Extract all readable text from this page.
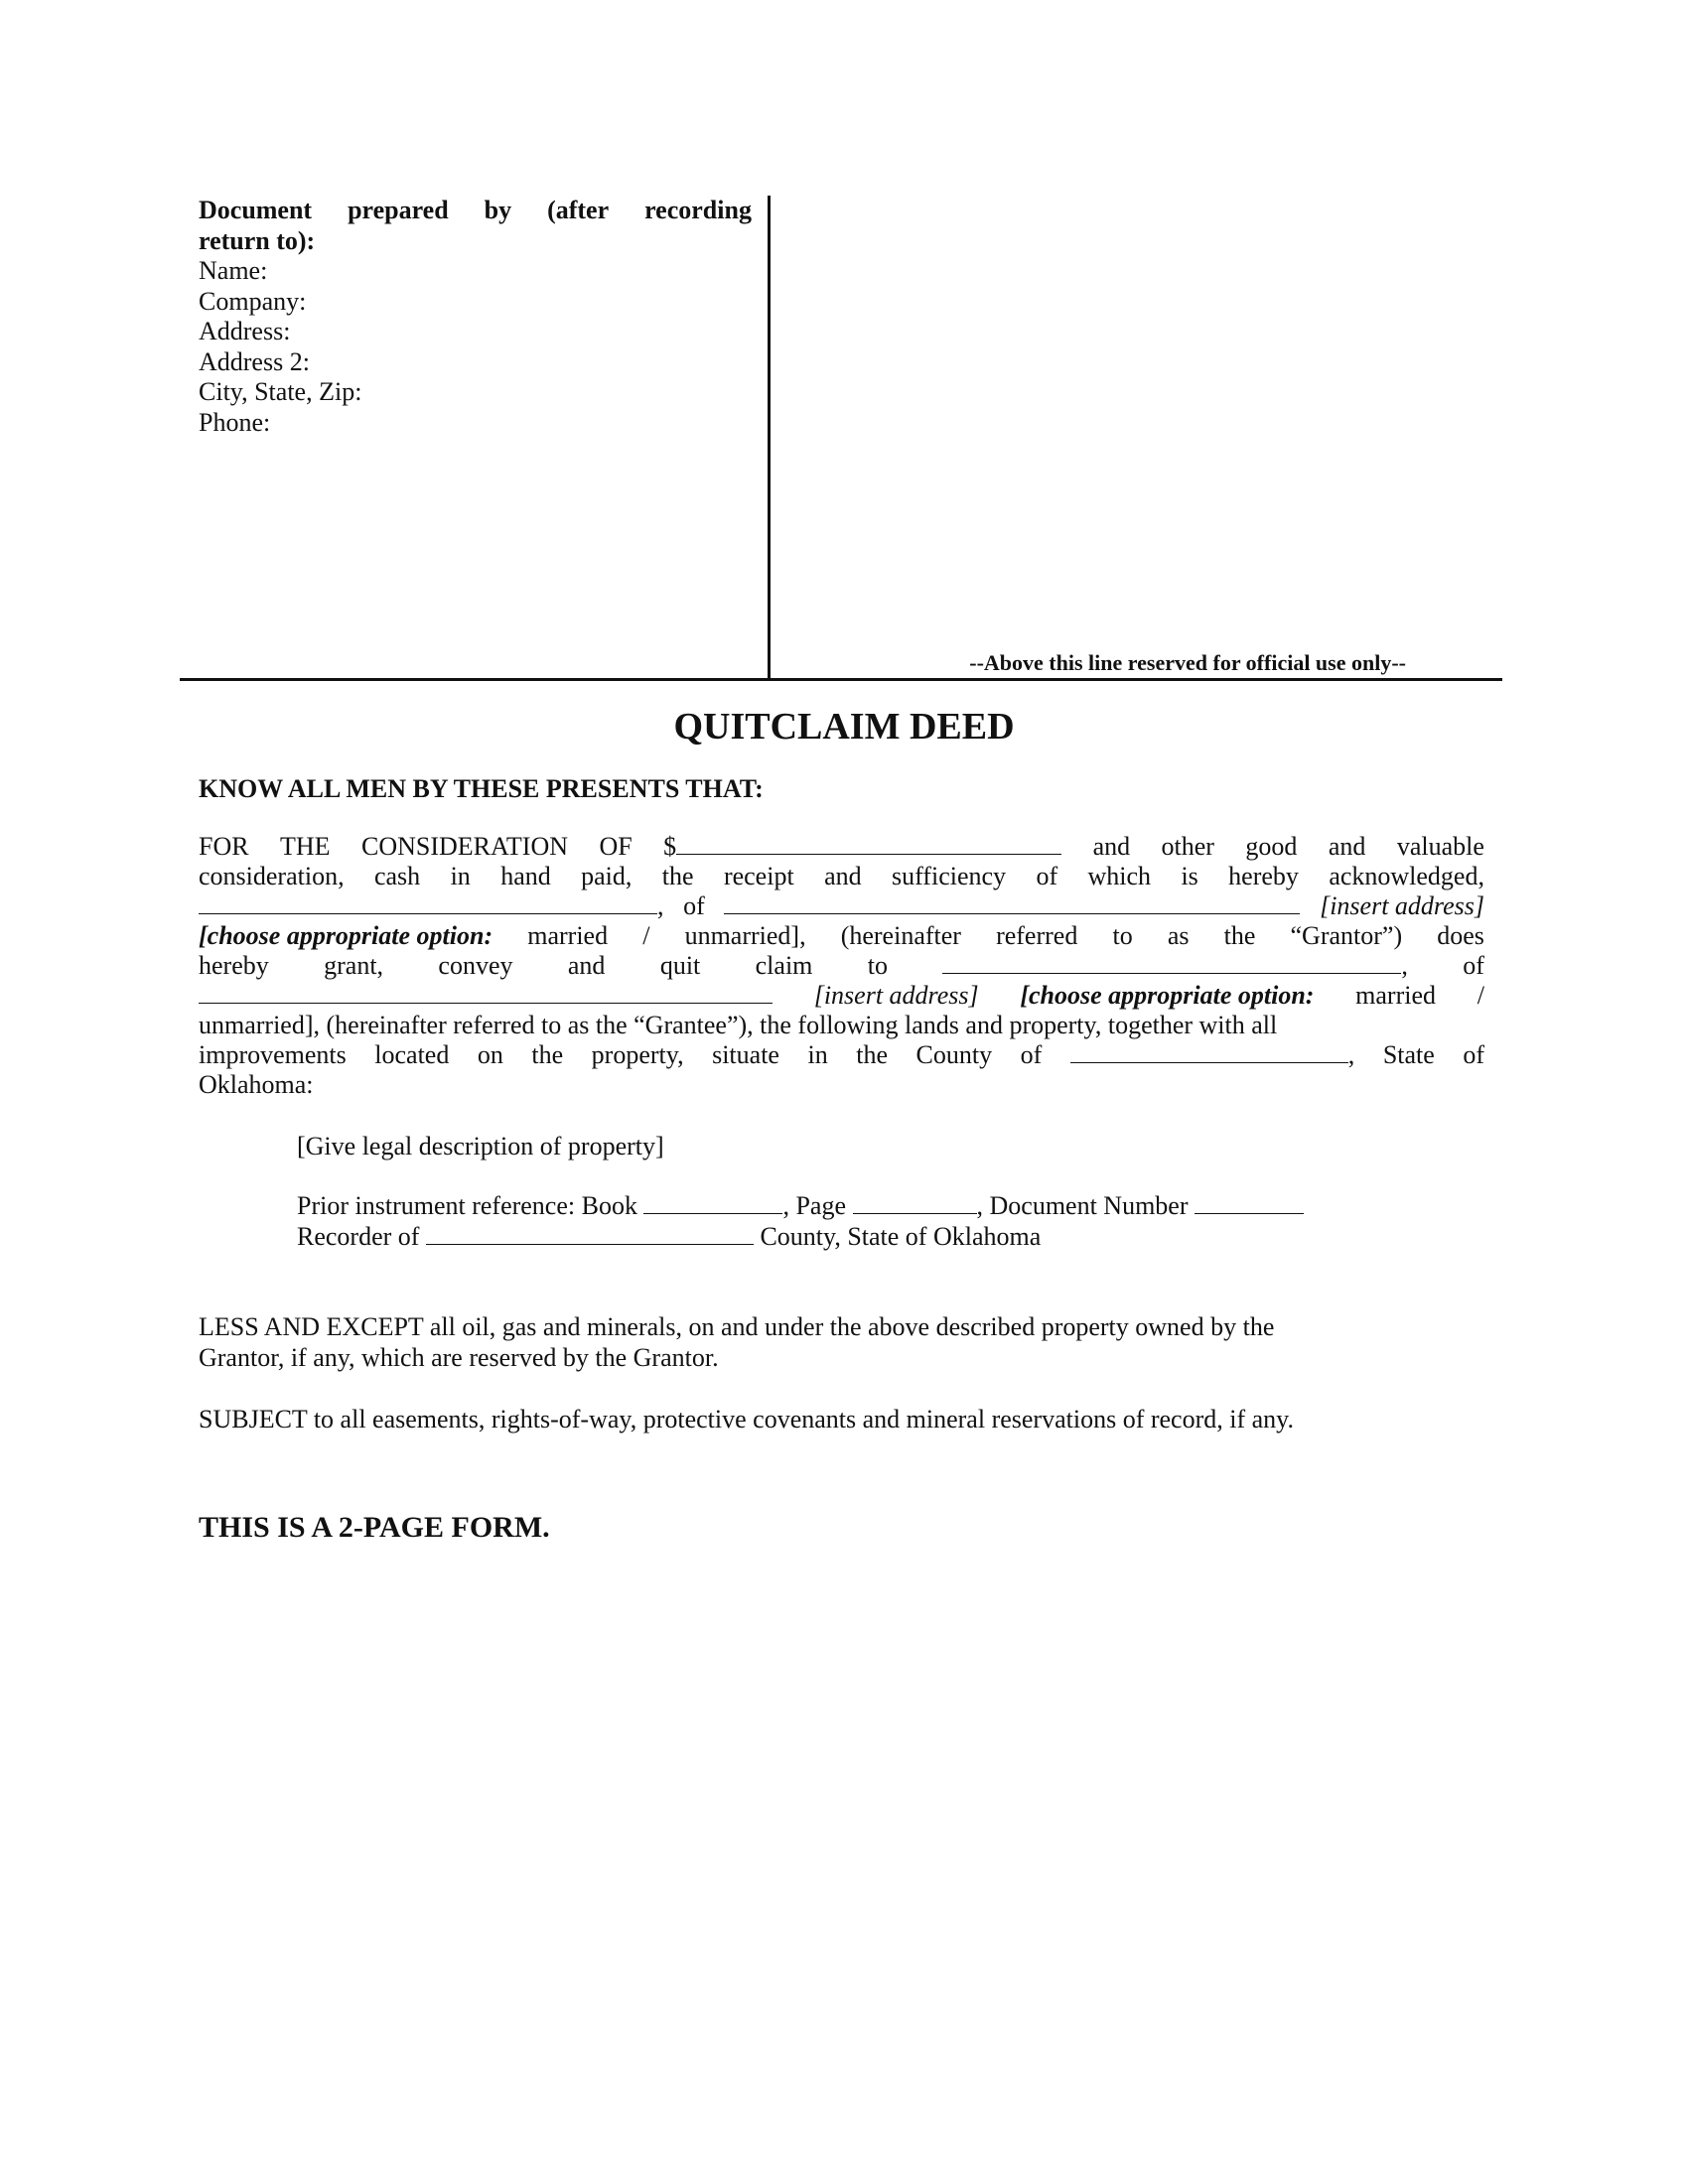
Document prepared by (after recording
return to):
Name:
Company:
Address:
Address 2:
City, State, Zip:
Phone:
--Above this line reserved for official use only--
QUITCLAIM DEED
KNOW ALL MEN BY THESE PRESENTS THAT:
FOR THE CONSIDERATION OF $	and other good and valuable
consideration, cash in hand paid, the receipt and sufficiency of which is hereby acknowledged,
, of	[insert address]
[choose appropriate option: married / unmarried], (hereinafter referred to as the “Grantor”) does
hereby grant, convey and quit claim to	, of
[insert address] [choose appropriate option: married /
unmarried], (hereinafter referred to as the “Grantee”), the following lands and property, together with all
improvements located on the property, situate in the County of	, State of
Oklahoma:
[Give legal description of property]
Prior instrument reference: Book	, Page	, Document Number
Recorder of	County, State of Oklahoma
LESS AND EXCEPT all oil, gas and minerals, on and under the above described property owned by the
Grantor, if any, which are reserved by the Grantor.
SUBJECT to all easements, rights-of-way, protective covenants and mineral reservations of record, if any.
THIS IS A 2-PAGE FORM.
